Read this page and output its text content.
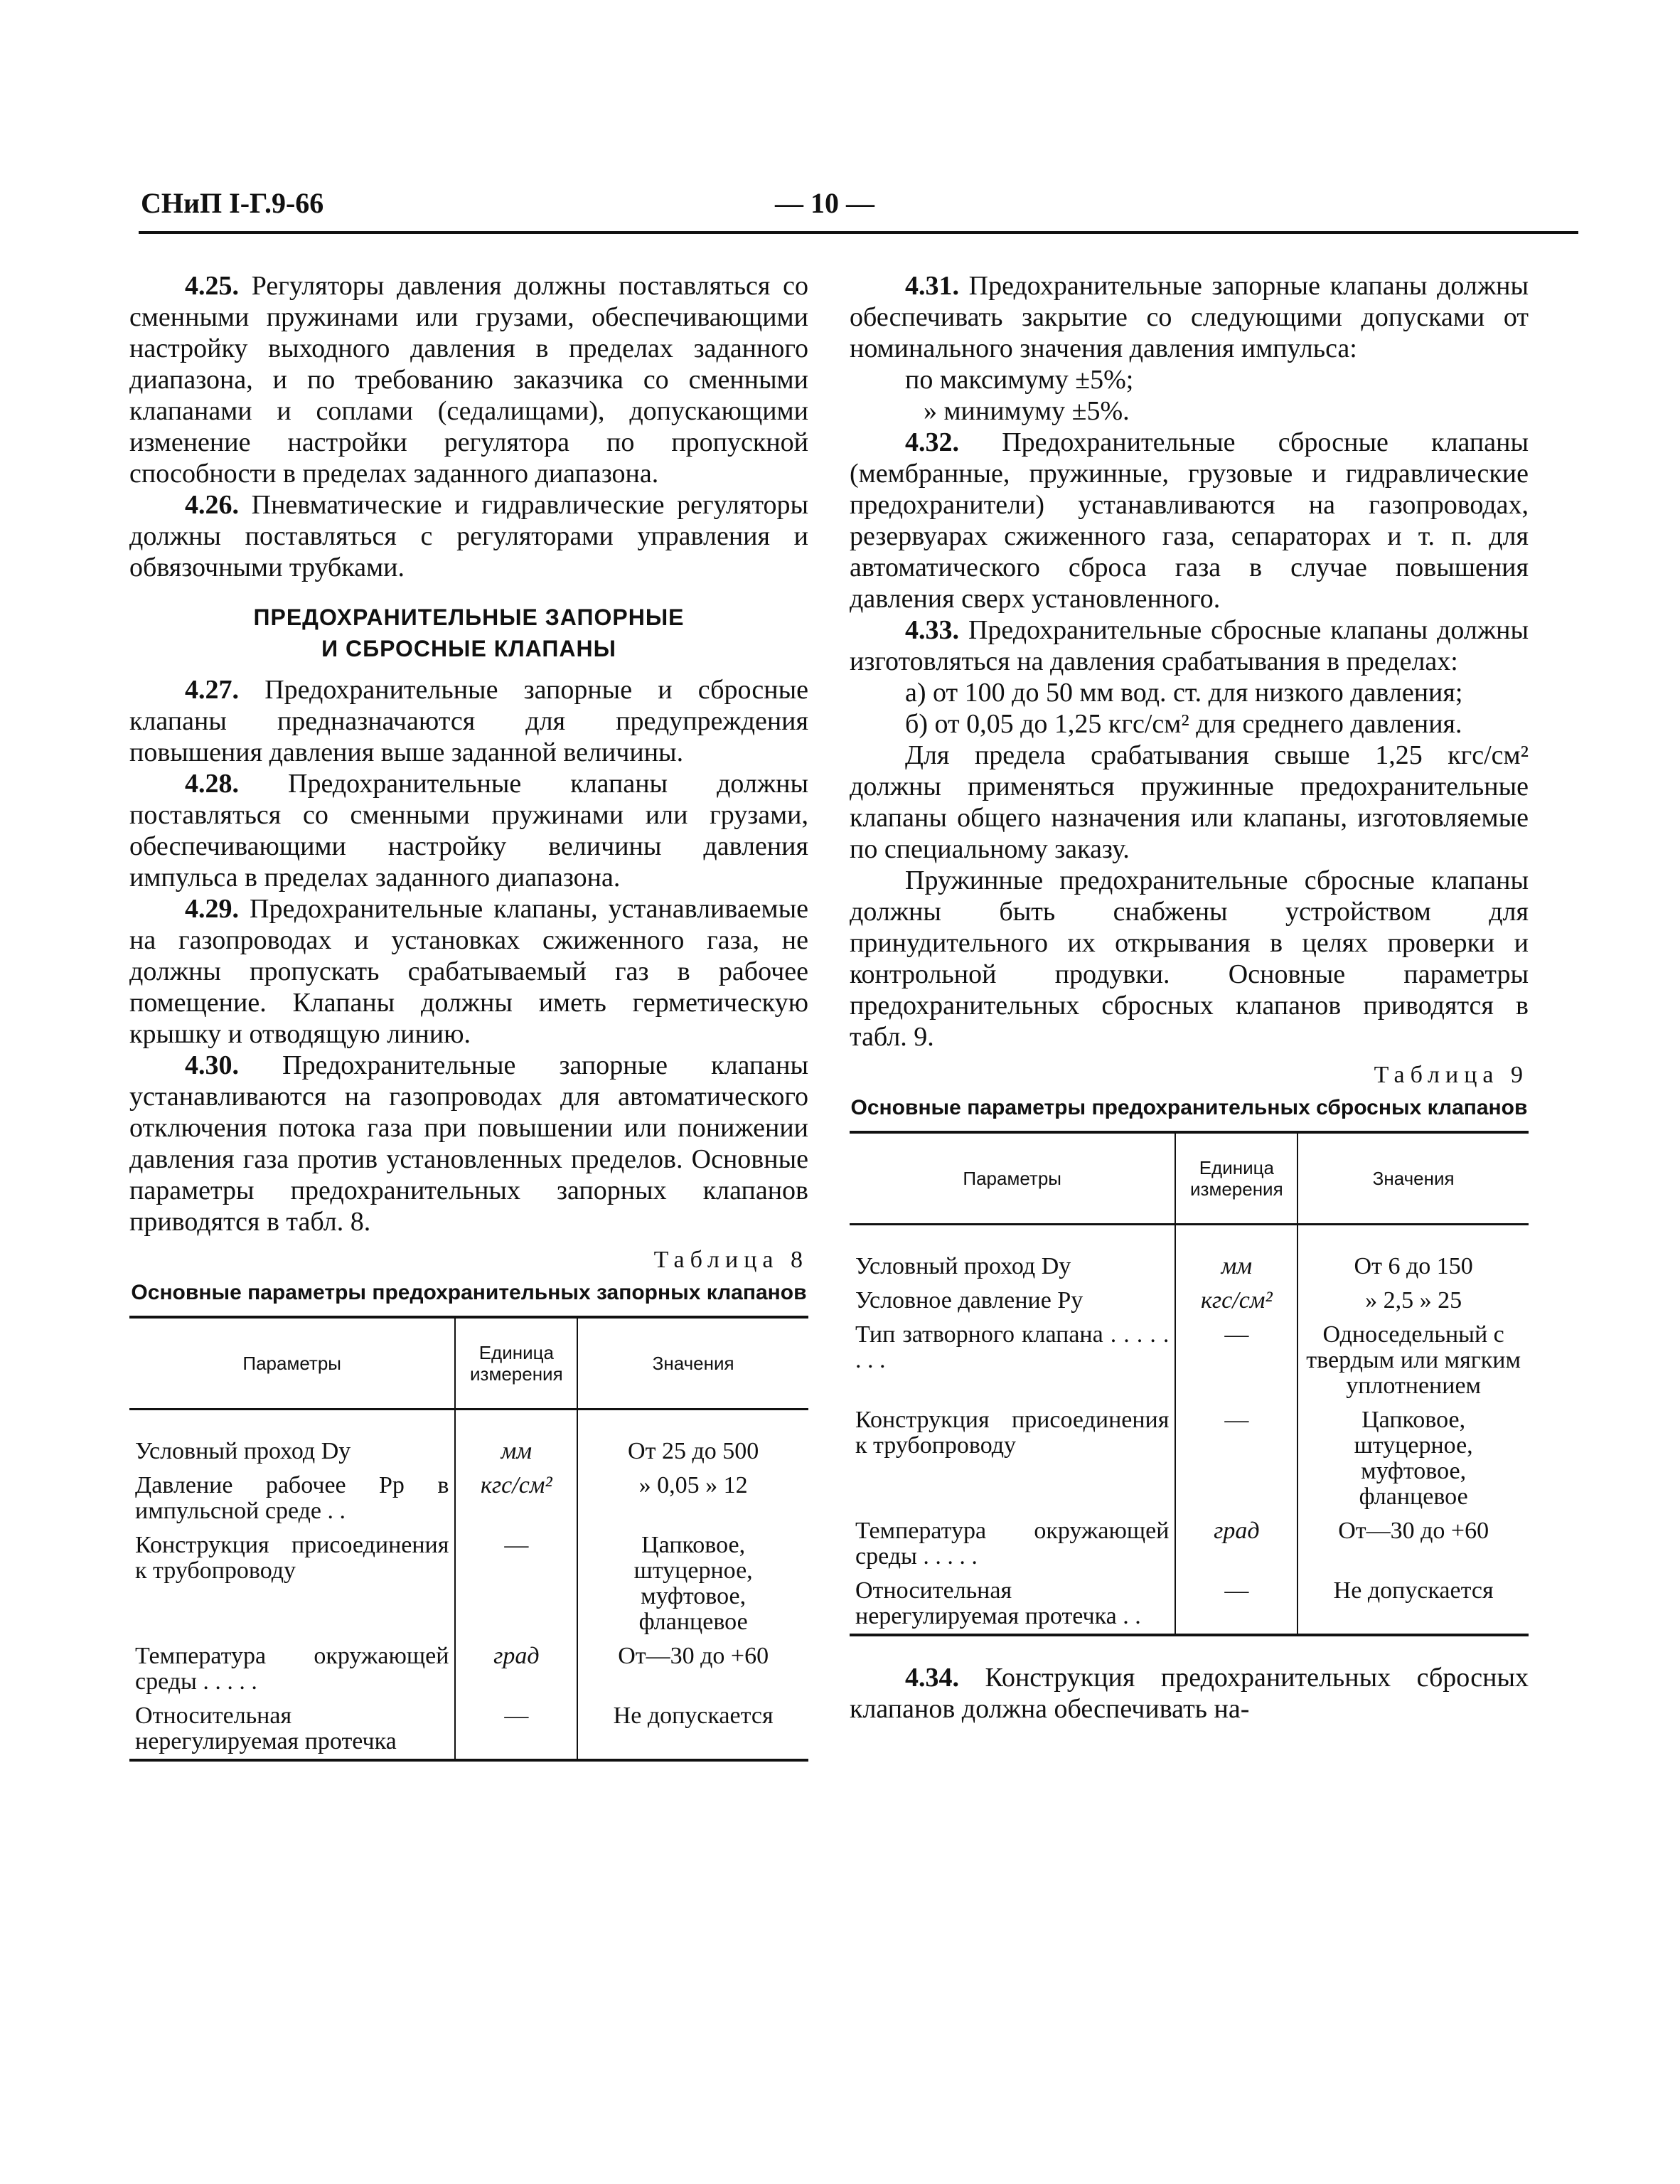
СНиП I-Г.9-66	— 10 —

4.25. Регуляторы давления должны поставляться со сменными пружинами или грузами, обеспечивающими настройку выходного давления в пределах заданного диапазона, и по требованию заказчика со сменными клапанами и соплами (седалищами), допускающими изменение настройки регулятора по пропускной способности в пределах заданного диапазона.

4.26. Пневматические и гидравлические регуляторы должны поставляться с регуляторами управления и обвязочными трубками.

ПРЕДОХРАНИТЕЛЬНЫЕ ЗАПОРНЫЕ
И СБРОСНЫЕ КЛАПАНЫ

4.27. Предохранительные запорные и сбросные клапаны предназначаются для предупреждения повышения давления выше заданной величины.

4.28. Предохранительные клапаны должны поставляться со сменными пружинами или грузами, обеспечивающими настройку величины давления импульса в пределах заданного диапазона.

4.29. Предохранительные клапаны, устанавливаемые на газопроводах и установках сжиженного газа, не должны пропускать срабатываемый газ в рабочее помещение. Клапаны должны иметь герметическую крышку и отводящую линию.

4.30. Предохранительные запорные клапаны устанавливаются на газопроводах для автоматического отключения потока газа при повышении или понижении давления газа против установленных пределов. Основные параметры предохранительных запорных клапанов приводятся в табл. 8.

Таблица 8
Основные параметры предохранительных запорных клапанов
Параметры	Единица измерения	Значения
Условный проход Dу	мм	От 25 до 500
Давление рабочее Pр в импульсной среде . .	кгс/см²	» 0,05 » 12
Конструкция присоединения к трубопроводу	—	Цапковое, штуцерное, муфтовое, фланцевое
Температура окружающей среды . . . . .	град	От—30 до +60
Относительная нерегулируемая протечка	—	Не допускается

4.31. Предохранительные запорные клапаны должны обеспечивать закрытие со следующими допусками от номинального значения давления импульса:

по максимуму ±5%;
» минимуму ±5%.

4.32. Предохранительные сбросные клапаны (мембранные, пружинные, грузовые и гидравлические предохранители) устанавливаются на газопроводах, резервуарах сжиженного газа, сепараторах и т. п. для автоматического сброса газа в случае повышения давления сверх установленного.

4.33. Предохранительные сбросные клапаны должны изготовляться на давления срабатывания в пределах:

а) от 100 до 50 мм вод. ст. для низкого давления;

б) от 0,05 до 1,25 кгс/см² для среднего давления.

Для предела срабатывания свыше 1,25 кгс/см² должны применяться пружинные предохранительные клапаны общего назначения или клапаны, изготовляемые по специальному заказу.

Пружинные предохранительные сбросные клапаны должны быть снабжены устройством для принудительного их открывания в целях проверки и контрольной продувки. Основные параметры предохранительных сбросных клапанов приводятся в табл. 9.

Таблица 9
Основные параметры предохранительных сбросных клапанов
Параметры	Единица измерения	Значения
Условный проход Dу	мм	От 6 до 150
Условное давление Pу	кгс/см²	» 2,5 » 25
Тип затворного клапана . . . . . . . .	—	Односедельный с твердым или мягким уплотнением
Конструкция присоединения к трубопроводу	—	Цапковое, штуцерное, муфтовое, фланцевое
Температура окружающей среды . . . . .	град	От—30 до +60
Относительная нерегулируемая протечка . .	—	Не допускается

4.34. Конструкция предохранительных сбросных клапанов должна обеспечивать на-
